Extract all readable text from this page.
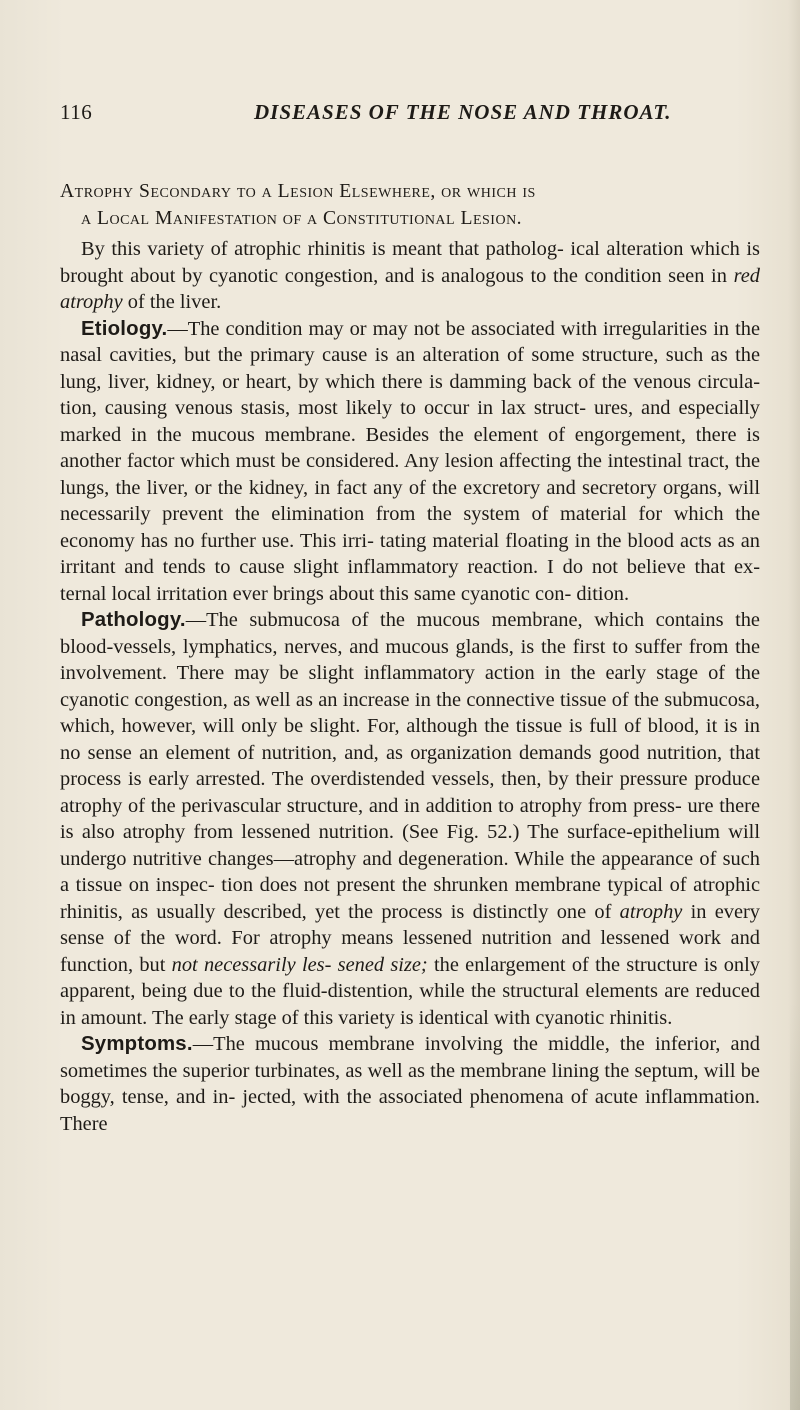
116	DISEASES OF THE NOSE AND THROAT.
Atrophy Secondary to a Lesion Elsewhere, or which is
a Local Manifestation of a Constitutional Lesion.

By this variety of atrophic rhinitis is meant that patholog- ical alteration which is brought about by cyanotic congestion, and is analogous to the condition seen in red atrophy of the liver.

Etiology.—The condition may or may not be associated with irregularities in the nasal cavities, but the primary cause is an alteration of some structure, such as the lung, liver, kidney, or heart, by which there is damming back of the venous circula- tion, causing venous stasis, most likely to occur in lax struct- ures, and especially marked in the mucous membrane. Besides the element of engorgement, there is another factor which must be considered. Any lesion affecting the intestinal tract, the lungs, the liver, or the kidney, in fact any of the excretory and secretory organs, will necessarily prevent the elimination from the system of material for which the economy has no further use. This irri- tating material floating in the blood acts as an irritant and tends to cause slight inflammatory reaction. I do not believe that ex- ternal local irritation ever brings about this same cyanotic con- dition.

Pathology.—The submucosa of the mucous membrane, which contains the blood-vessels, lymphatics, nerves, and mucous glands, is the first to suffer from the involvement. There may be slight inflammatory action in the early stage of the cyanotic congestion, as well as an increase in the connective tissue of the submucosa, which, however, will only be slight. For, although the tissue is full of blood, it is in no sense an element of nutrition, and, as organization demands good nutrition, that process is early arrested. The overdistended vessels, then, by their pressure produce atrophy of the perivascular structure, and in addition to atrophy from press- ure there is also atrophy from lessened nutrition. (See Fig. 52.) The surface-epithelium will undergo nutritive changes—atrophy and degeneration. While the appearance of such a tissue on inspec- tion does not present the shrunken membrane typical of atrophic rhinitis, as usually described, yet the process is distinctly one of atrophy in every sense of the word. For atrophy means lessened nutrition and lessened work and function, but not necessarily les- sened size; the enlargement of the structure is only apparent, being due to the fluid-distention, while the structural elements are reduced in amount. The early stage of this variety is identical with cyanotic rhinitis.

Symptoms.—The mucous membrane involving the middle, the inferior, and sometimes the superior turbinates, as well as the membrane lining the septum, will be boggy, tense, and in- jected, with the associated phenomena of acute inflammation. There
